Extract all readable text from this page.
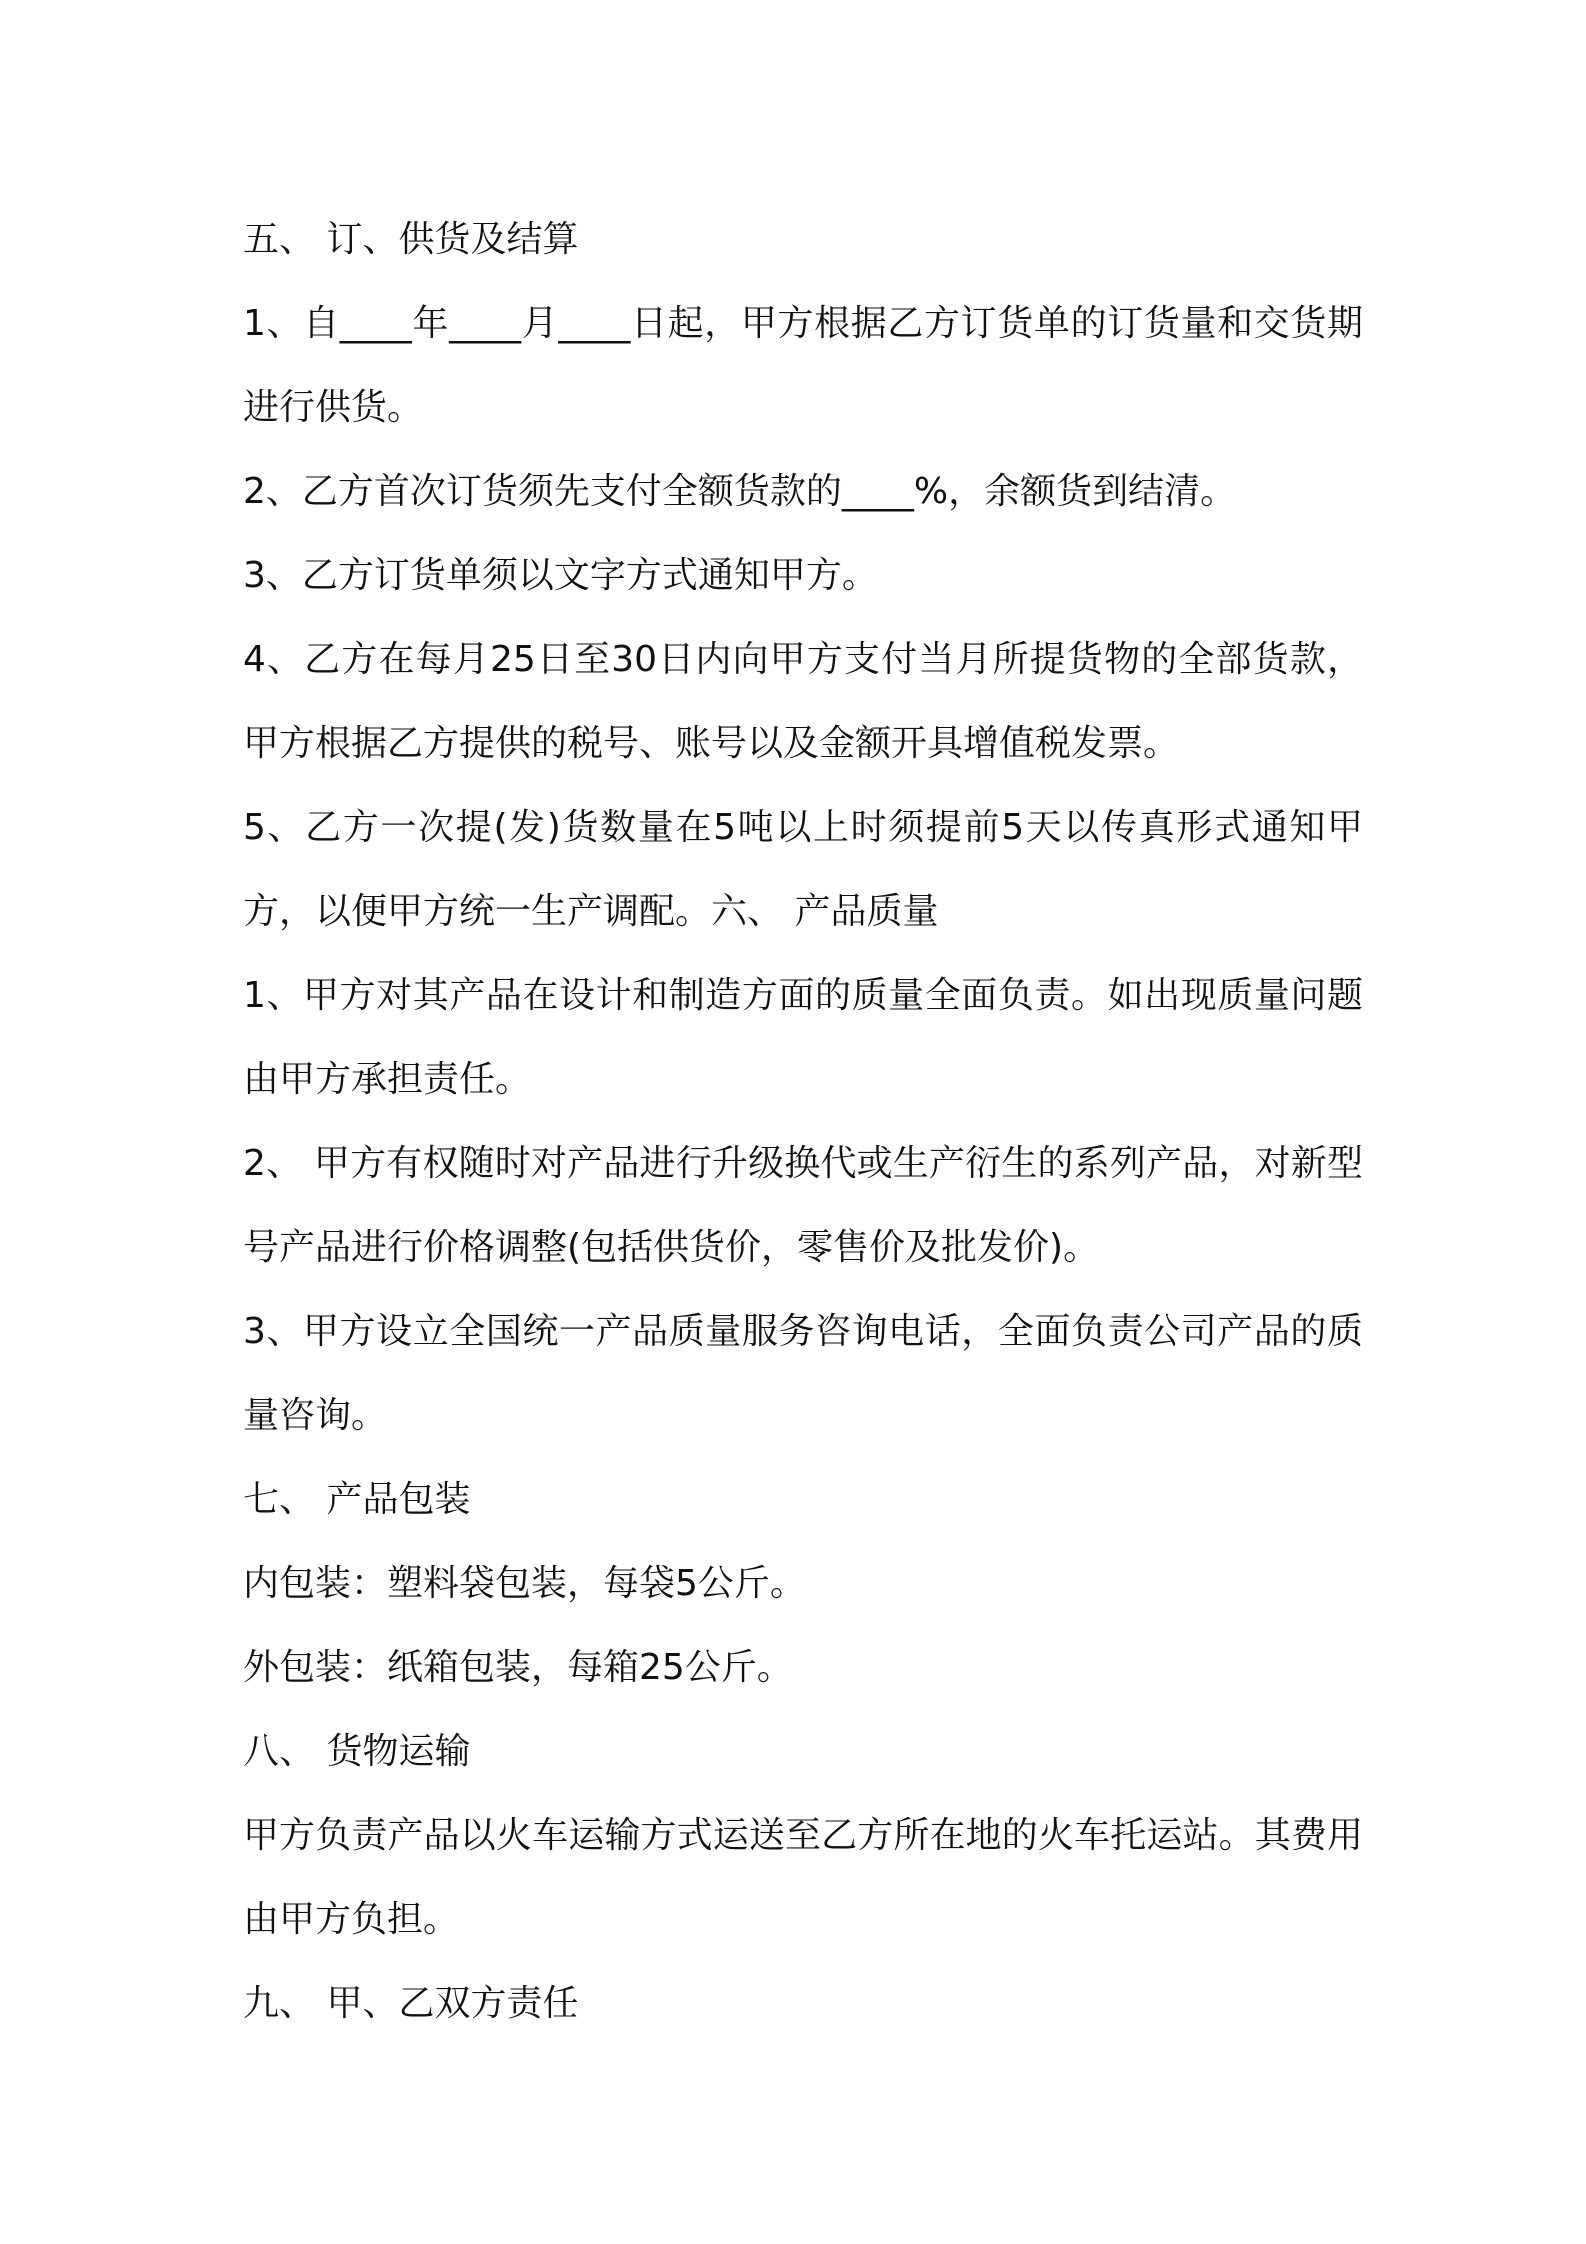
五、 订、供货及结算

1、自____年____月____日起，甲方根据乙方订货单的订货量和交货期进行供货。

2、乙方首次订货须先支付全额货款的____%，余额货到结清。

3、乙方订货单须以文字方式通知甲方。

4、乙方在每月25日至30日内向甲方支付当月所提货物的全部货款，甲方根据乙方提供的税号、账号以及金额开具增值税发票。

5、乙方一次提(发)货数量在5吨以上时须提前5天以传真形式通知甲方，以便甲方统一生产调配。六、 产品质量

1、甲方对其产品在设计和制造方面的质量全面负责。如出现质量问题由甲方承担责任。

2、 甲方有权随时对产品进行升级换代或生产衍生的系列产品，对新型号产品进行价格调整(包括供货价，零售价及批发价)。

3、甲方设立全国统一产品质量服务咨询电话，全面负责公司产品的质量咨询。

七、 产品包装

内包装：塑料袋包装，每袋5公斤。

外包装：纸箱包装，每箱25公斤。

八、 货物运输

甲方负责产品以火车运输方式运送至乙方所在地的火车托运站。其费用由甲方负担。

九、 甲、乙双方责任
